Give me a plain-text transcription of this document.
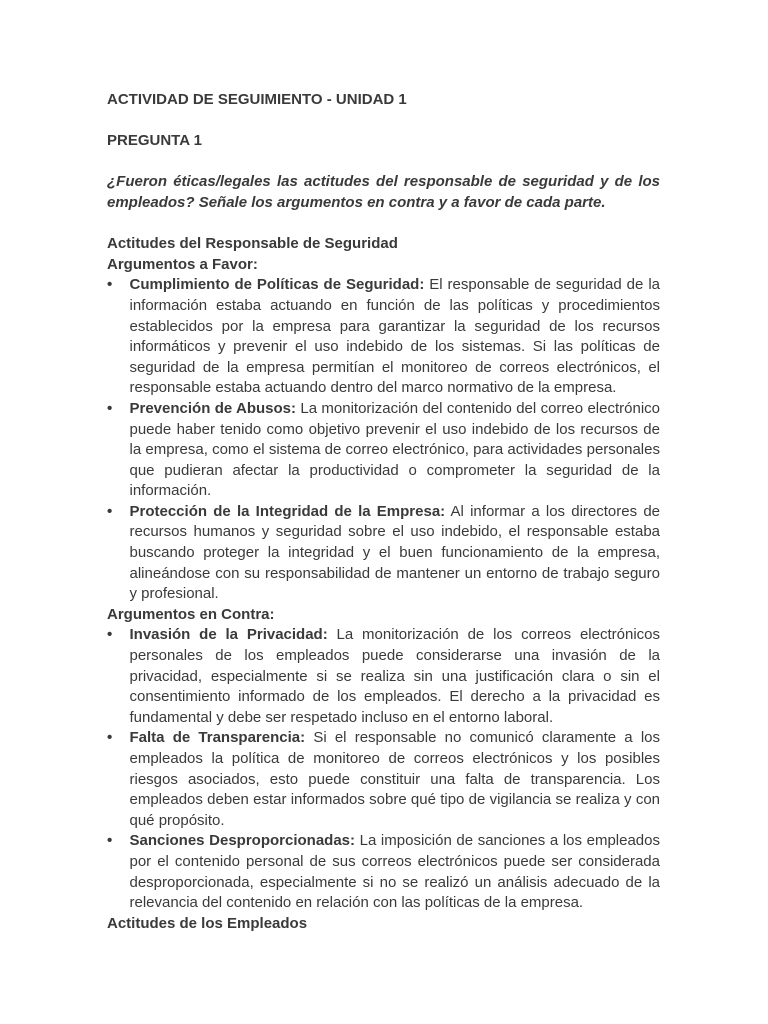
ACTIVIDAD DE SEGUIMIENTO - UNIDAD 1

PREGUNTA 1

¿Fueron éticas/legales las actitudes del responsable de seguridad y de los empleados? Señale los argumentos en contra y a favor de cada parte.

Actitudes del Responsable de Seguridad

Argumentos a Favor:

• Cumplimiento de Políticas de Seguridad: El responsable de seguridad de la información estaba actuando en función de las políticas y procedimientos establecidos por la empresa para garantizar la seguridad de los recursos informáticos y prevenir el uso indebido de los sistemas. Si las políticas de seguridad de la empresa permitían el monitoreo de correos electrónicos, el responsable estaba actuando dentro del marco normativo de la empresa.
• Prevención de Abusos: La monitorización del contenido del correo electrónico puede haber tenido como objetivo prevenir el uso indebido de los recursos de la empresa, como el sistema de correo electrónico, para actividades personales que pudieran afectar la productividad o comprometer la seguridad de la información.
• Protección de la Integridad de la Empresa: Al informar a los directores de recursos humanos y seguridad sobre el uso indebido, el responsable estaba buscando proteger la integridad y el buen funcionamiento de la empresa, alineándose con su responsabilidad de mantener un entorno de trabajo seguro y profesional.

Argumentos en Contra:

• Invasión de la Privacidad: La monitorización de los correos electrónicos personales de los empleados puede considerarse una invasión de la privacidad, especialmente si se realiza sin una justificación clara o sin el consentimiento informado de los empleados. El derecho a la privacidad es fundamental y debe ser respetado incluso en el entorno laboral.
• Falta de Transparencia: Si el responsable no comunicó claramente a los empleados la política de monitoreo de correos electrónicos y los posibles riesgos asociados, esto puede constituir una falta de transparencia. Los empleados deben estar informados sobre qué tipo de vigilancia se realiza y con qué propósito.
• Sanciones Desproporcionadas: La imposición de sanciones a los empleados por el contenido personal de sus correos electrónicos puede ser considerada desproporcionada, especialmente si no se realizó un análisis adecuado de la relevancia del contenido en relación con las políticas de la empresa.

Actitudes de los Empleados
